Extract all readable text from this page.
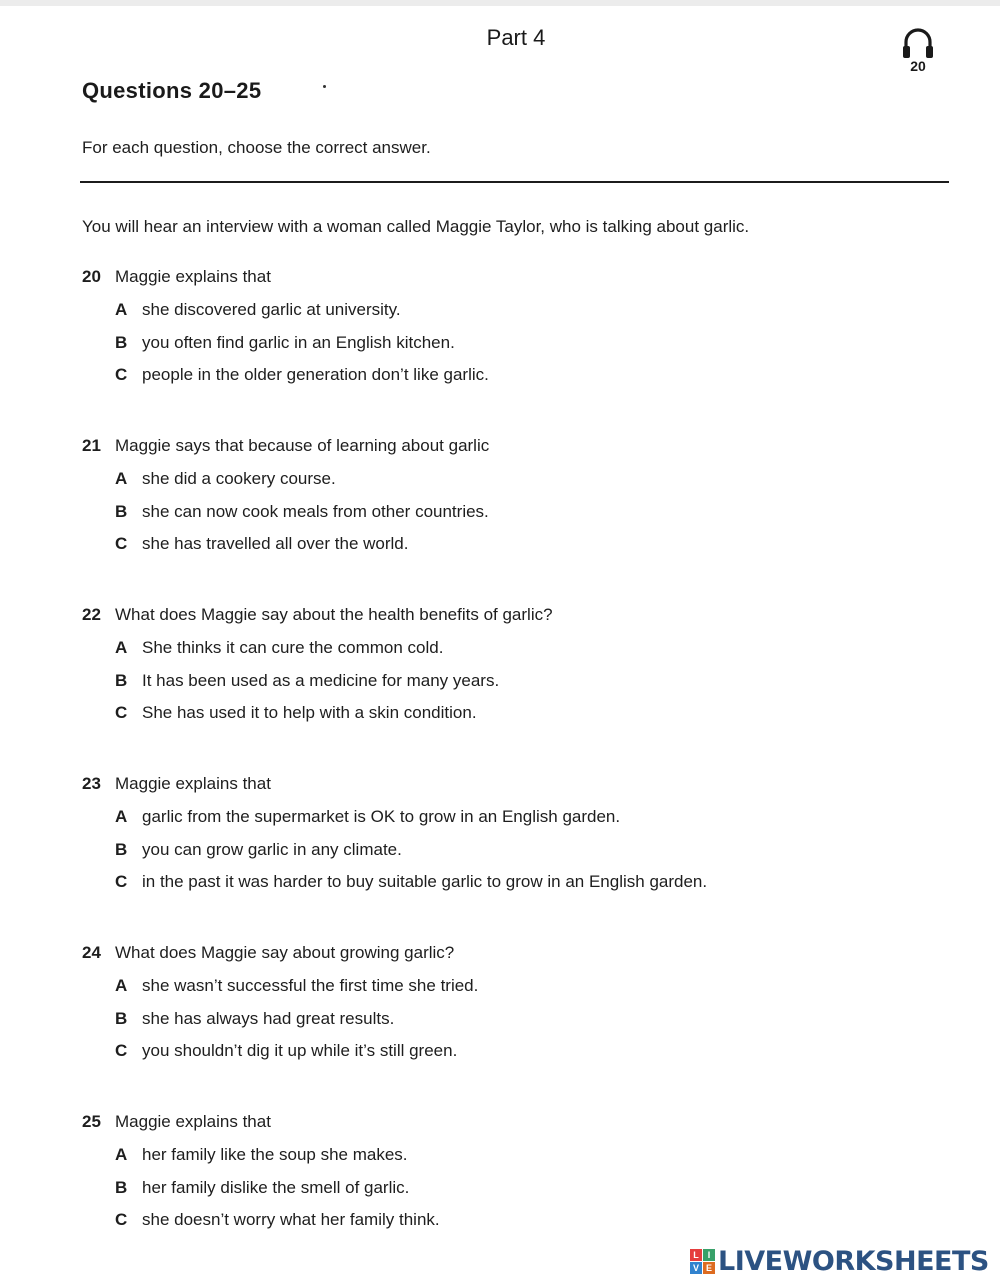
Part 4
20
Questions 20–25
For each question, choose the correct answer.
You will hear an interview with a woman called Maggie Taylor, who is talking about garlic.
20 Maggie explains that
A she discovered garlic at university.
B you often find garlic in an English kitchen.
C people in the older generation don’t like garlic.
21 Maggie says that because of learning about garlic
A she did a cookery course.
B she can now cook meals from other countries.
C she has travelled all over the world.
22 What does Maggie say about the health benefits of garlic?
A She thinks it can cure the common cold.
B It has been used as a medicine for many years.
C She has used it to help with a skin condition.
23 Maggie explains that
A garlic from the supermarket is OK to grow in an English garden.
B you can grow garlic in any climate.
C in the past it was harder to buy suitable garlic to grow in an English garden.
24 What does Maggie say about growing garlic?
A she wasn’t successful the first time she tried.
B she has always had great results.
C you shouldn’t dig it up while it’s still green.
25 Maggie explains that
A her family like the soup she makes.
B her family dislike the smell of garlic.
C she doesn’t worry what her family think.
L I
V E LIVEWORKSHEETS
